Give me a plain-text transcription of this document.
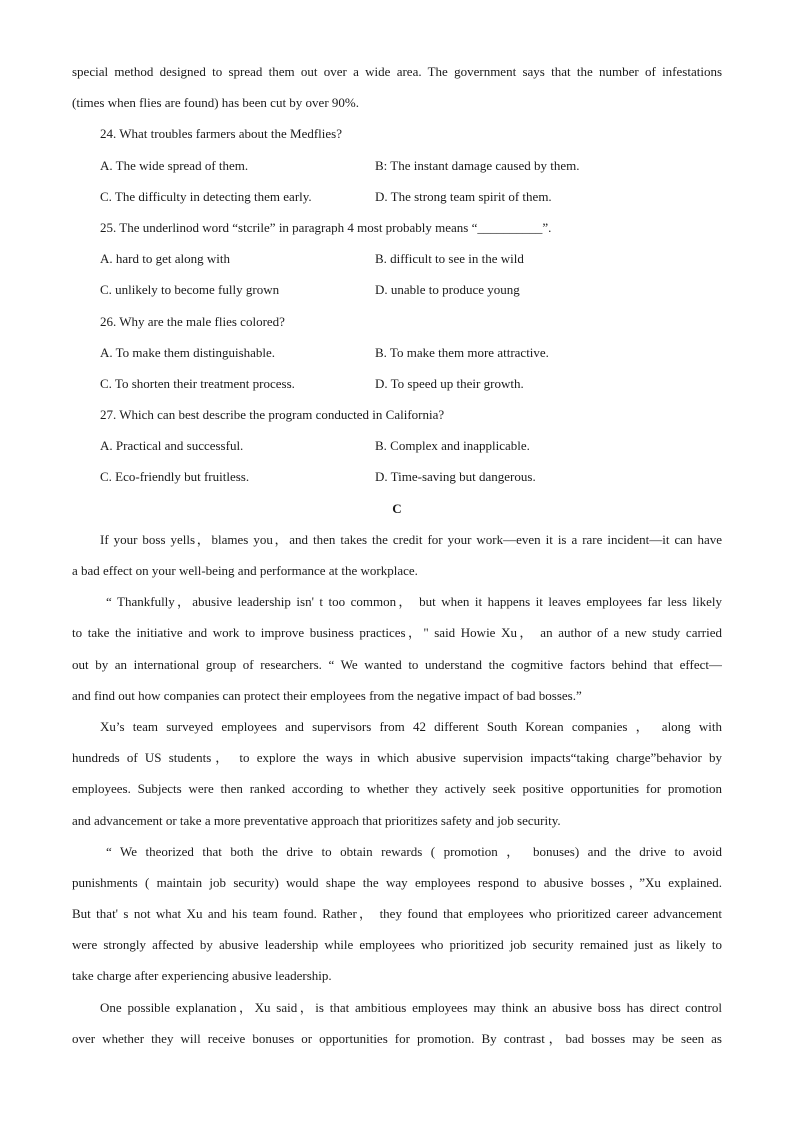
special method designed to spread them out over a wide area. The government says that the number of infestations
(times when flies are found) has been cut by over 90%.
24. What troubles farmers about the Medflies?
A. The wide spread of them.	B: The instant damage caused by them.
C. The difficulty in detecting them early.	D. The strong team spirit of them.
25. The underlinod word “stcrile” in paragraph 4 most probably means “__________”.
A. hard to get along with	B. difficult to see in the wild
C. unlikely to become fully grown	D. unable to produce young
26. Why are the male flies colored?
A. To make them distinguishable.	B. To make them more attractive.
C. To shorten their treatment process.	D. To speed up their growth.
27. Which can best describe the program conducted in California?
A. Practical and successful.	B. Complex and inapplicable.
C. Eco-friendly but fruitless.	D. Time-saving but dangerous.
C
If your boss yells，blames you，and then takes the credit for your work—even it is a rare incident—it can have
a bad effect on your well-being and performance at the workplace.
“ Thankfully，abusive leadership isn' t too common， but when it happens it leaves employees far less likely
to take the initiative and work to improve business practices，" said Howie Xu， an author of a new study carried
out by an international group of researchers. “ We wanted to understand the cogmitive factors behind that effect—
and find out how companies can protect their employees from the negative impact of bad bosses.”
Xu’s team surveyed employees and supervisors from 42 different South Korean companies ， along with
hundreds of US students， to explore the ways in which abusive supervision impacts“taking charge”behavior by
employees. Subjects were then ranked according to whether they actively seek positive opportunities for promotion
and advancement or take a more preventative approach that prioritizes safety and job security.
“ We theorized that both the drive to obtain rewards ( promotion ， bonuses) and the drive to avoid
punishments ( maintain job security) would shape the way employees respond to abusive bosses，”Xu explained.
But that' s not what Xu and his team found. Rather， they found that employees who prioritized career advancement
were strongly affected by abusive leadership while employees who prioritized job security remained just as likely to
take charge after experiencing abusive leadership.
One possible explanation，Xu said，is that ambitious employees may think an abusive boss has direct control
over whether they will receive bonuses or opportunities for promotion. By contrast，bad bosses may be seen as
